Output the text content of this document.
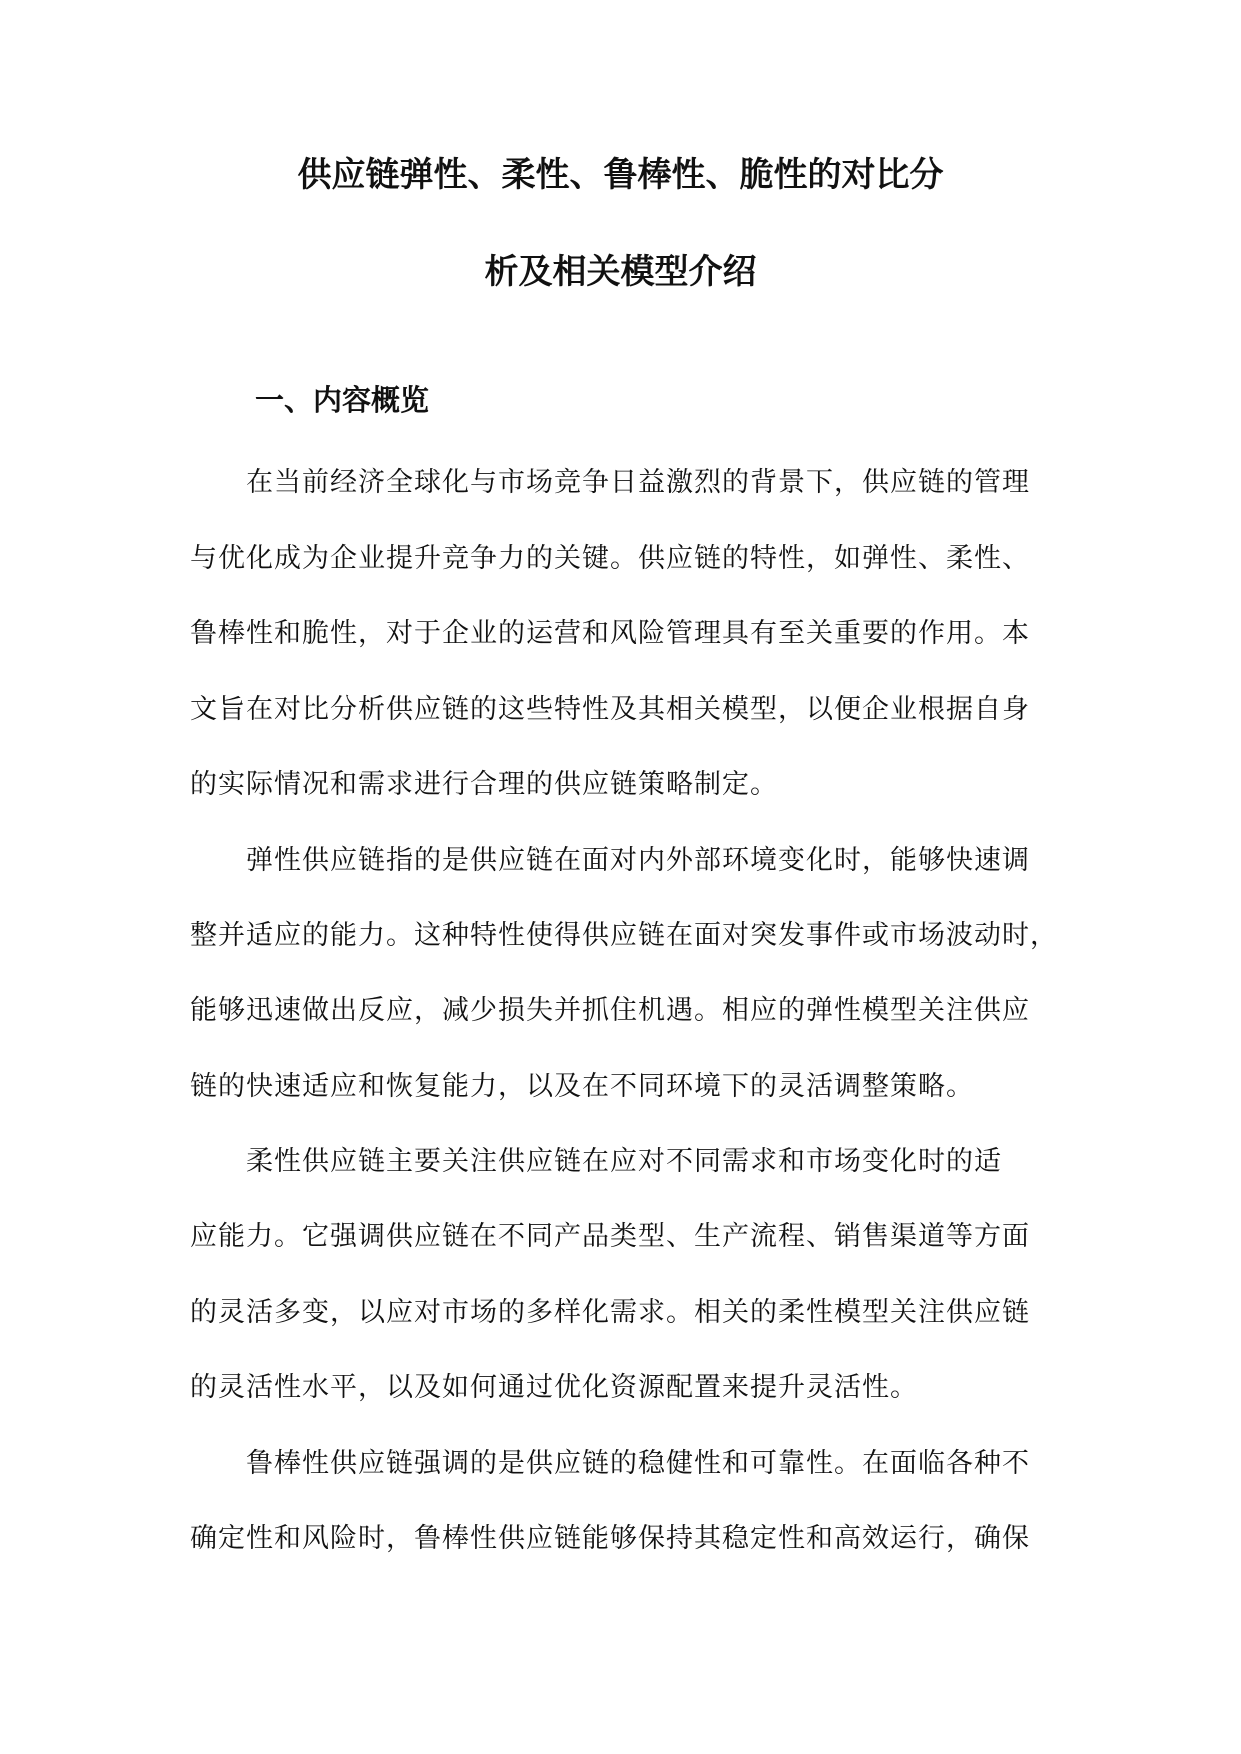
供应链弹性、柔性、鲁棒性、脆性的对比分
析及相关模型介绍
一、内容概览
在当前经济全球化与市场竞争日益激烈的背景下，供应链的管理
与优化成为企业提升竞争力的关键。供应链的特性，如弹性、柔性、
鲁棒性和脆性，对于企业的运营和风险管理具有至关重要的作用。本
文旨在对比分析供应链的这些特性及其相关模型，以便企业根据自身
的实际情况和需求进行合理的供应链策略制定。
弹性供应链指的是供应链在面对内外部环境变化时，能够快速调
整并适应的能力。这种特性使得供应链在面对突发事件或市场波动时，
能够迅速做出反应，减少损失并抓住机遇。相应的弹性模型关注供应
链的快速适应和恢复能力，以及在不同环境下的灵活调整策略。
柔性供应链主要关注供应链在应对不同需求和市场变化时的适
应能力。它强调供应链在不同产品类型、生产流程、销售渠道等方面
的灵活多变，以应对市场的多样化需求。相关的柔性模型关注供应链
的灵活性水平，以及如何通过优化资源配置来提升灵活性。
鲁棒性供应链强调的是供应链的稳健性和可靠性。在面临各种不
确定性和风险时，鲁棒性供应链能够保持其稳定性和高效运行，确保
